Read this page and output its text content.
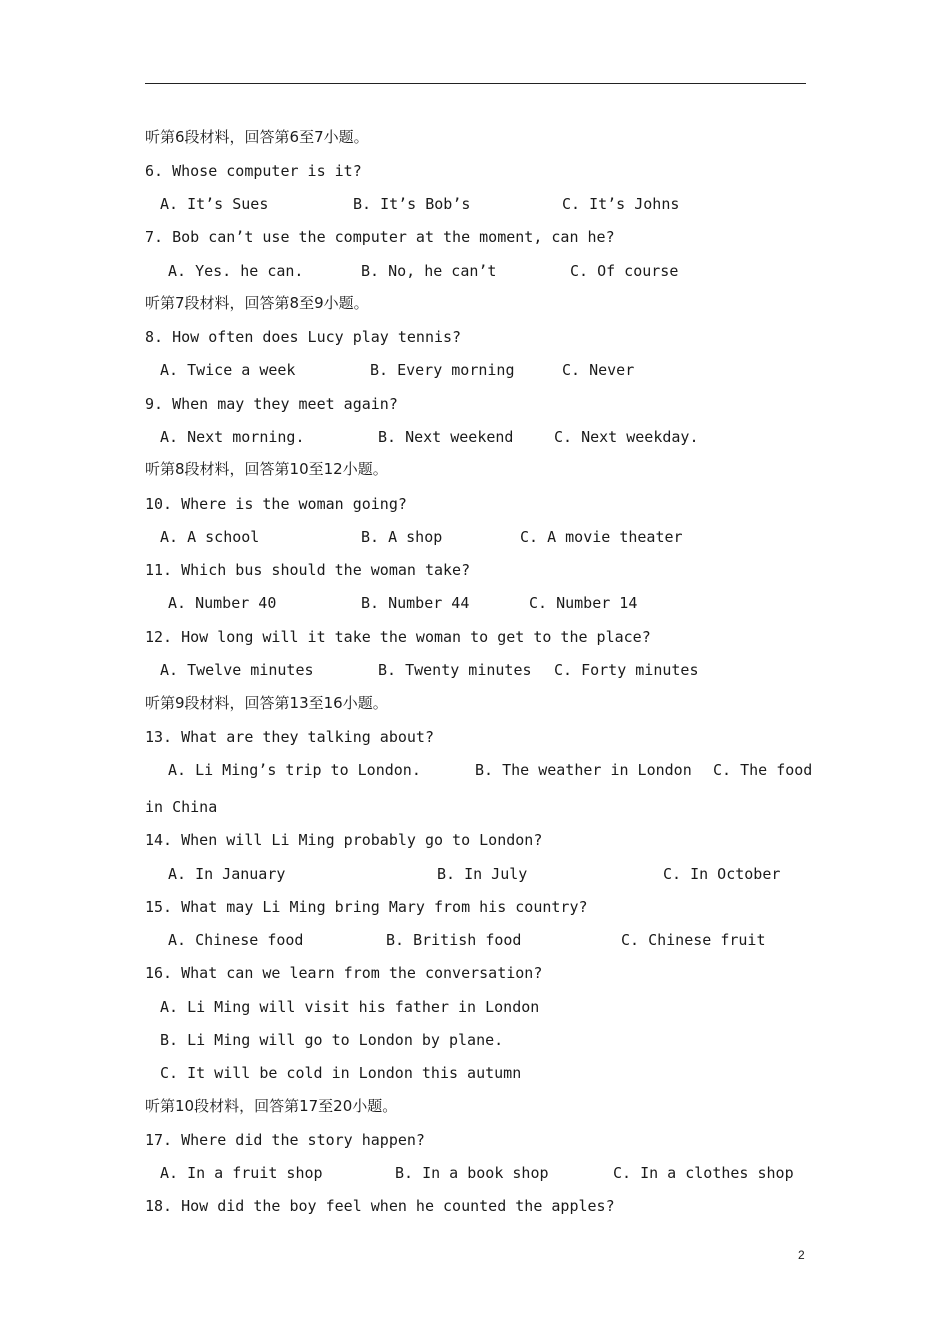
听第6段材料，回答第6至7小题。
6. Whose computer is it?
A. It’s Sues	B. It’s Bob’s	C. It’s Johns
7. Bob can’t use the computer at the moment, can he?
A. Yes. he can.	B. No, he can’t	C. Of course
听第7段材料，回答第8至9小题。
8. How often does Lucy play tennis?
A. Twice a week	B. Every morning	C. Never
9. When may they meet again?
A. Next morning.	B. Next weekend	C. Next weekday.
听第8段材料，回答第10至12小题。
10. Where is the woman going?
A. A school	B. A shop	C. A movie theater
11. Which bus should the woman take?
A. Number 40	B. Number 44	C. Number 14
12. How long will it take the woman to get to the place?
A. Twelve minutes	B. Twenty minutes C. Forty minutes
听第9段材料，回答第13至16小题。
13. What are they talking about?
A. Li Ming’s trip to London.	B. The weather in London C. The food
in China
14. When will Li Ming probably go to London?
A. In January	B. In July	C. In October
15. What may Li Ming bring Mary from his country?
A. Chinese food	B. British food	C. Chinese fruit
16. What can we learn from the conversation?
A. Li Ming will visit his father in London
B. Li Ming will go to London by plane.
C. It will be cold in London this autumn
听第10段材料，回答第17至20小题。
17. Where did the story happen?
A. In a fruit shop	B. In a book shop	C. In a clothes shop
18. How did the boy feel when he counted the apples?
2
